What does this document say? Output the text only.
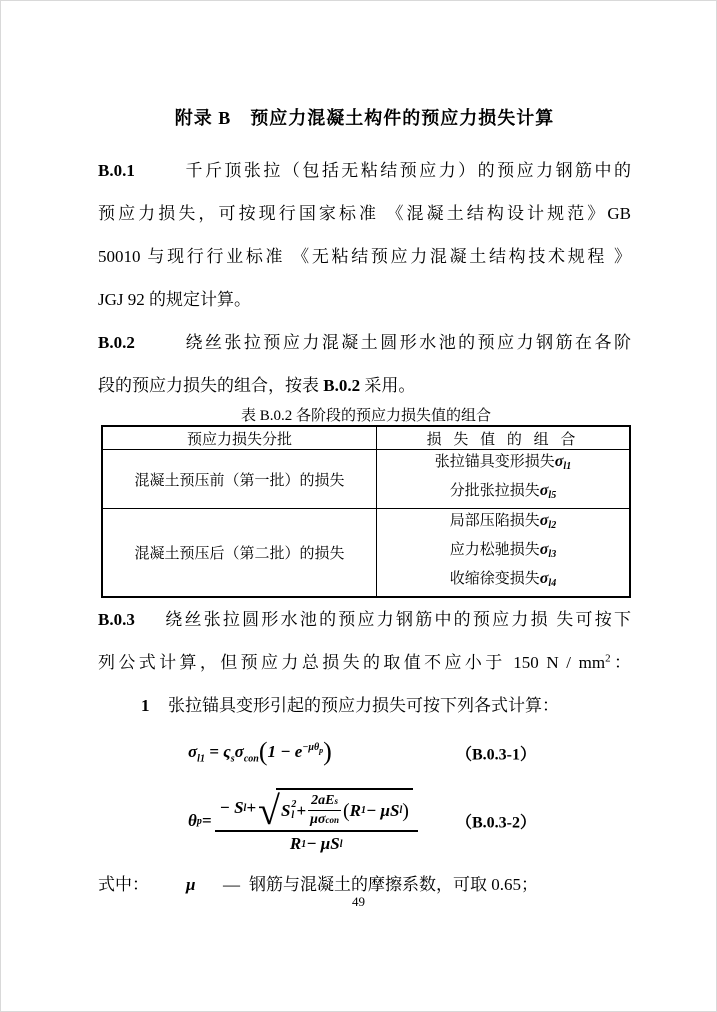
附录 B　预应力混凝土构件的预应力损失计算
B.0.1	千斤顶张拉（包括无粘结预应力）的预应力钢筋中的
预应力损失，可按现行国家标准 《混凝土结构设计规范》GB
50010 与现行行业标准 《无粘结预应力混凝土结构技术规程 》
JGJ 92 的规定计算。
B.0.2	绕丝张拉预应力混凝土圆形水池的预应力钢筋在各阶
段的预应力损失的组合，按表 B.0.2 采用。
表 B.0.2 各阶段的预应力损失值的组合
预应力损失分批	损 失 值 的 组 合
混凝土预压前（第一批）的损失	张拉锚具变形损失$\sigma_{l1}$
分批张拉损失$\sigma_{l5}$

混凝土预压后（第二批）的损失	局部压陷损失$\sigma_{l2}$
应力松驰损失$\sigma_{l3}$
收缩徐变损失$\sigma_{l4}$
B.0.3 绕丝张拉圆形水池的预应力钢筋中的预应力损 失可按下
列公式计算，但预应力总损失的取值不应小于 150 N / $mm^2$：
1 张拉锚具变形引起的预应力损失可按下列各式计算：
$\sigma_{l1} = \varsigma_s\sigma_{con}(1 - e^{-\mu\theta_p})$	（B.0.3-1）
θ p =
− S l + √ S 2
$l + \frac{\text{2aE s}}{\text{μσ con}}$ ( R 1 − μS l )
R 1 − μS l
（B.0.3-2）
式中： μ — 钢筋与混凝土的摩擦系数，可取 0.65；
49
